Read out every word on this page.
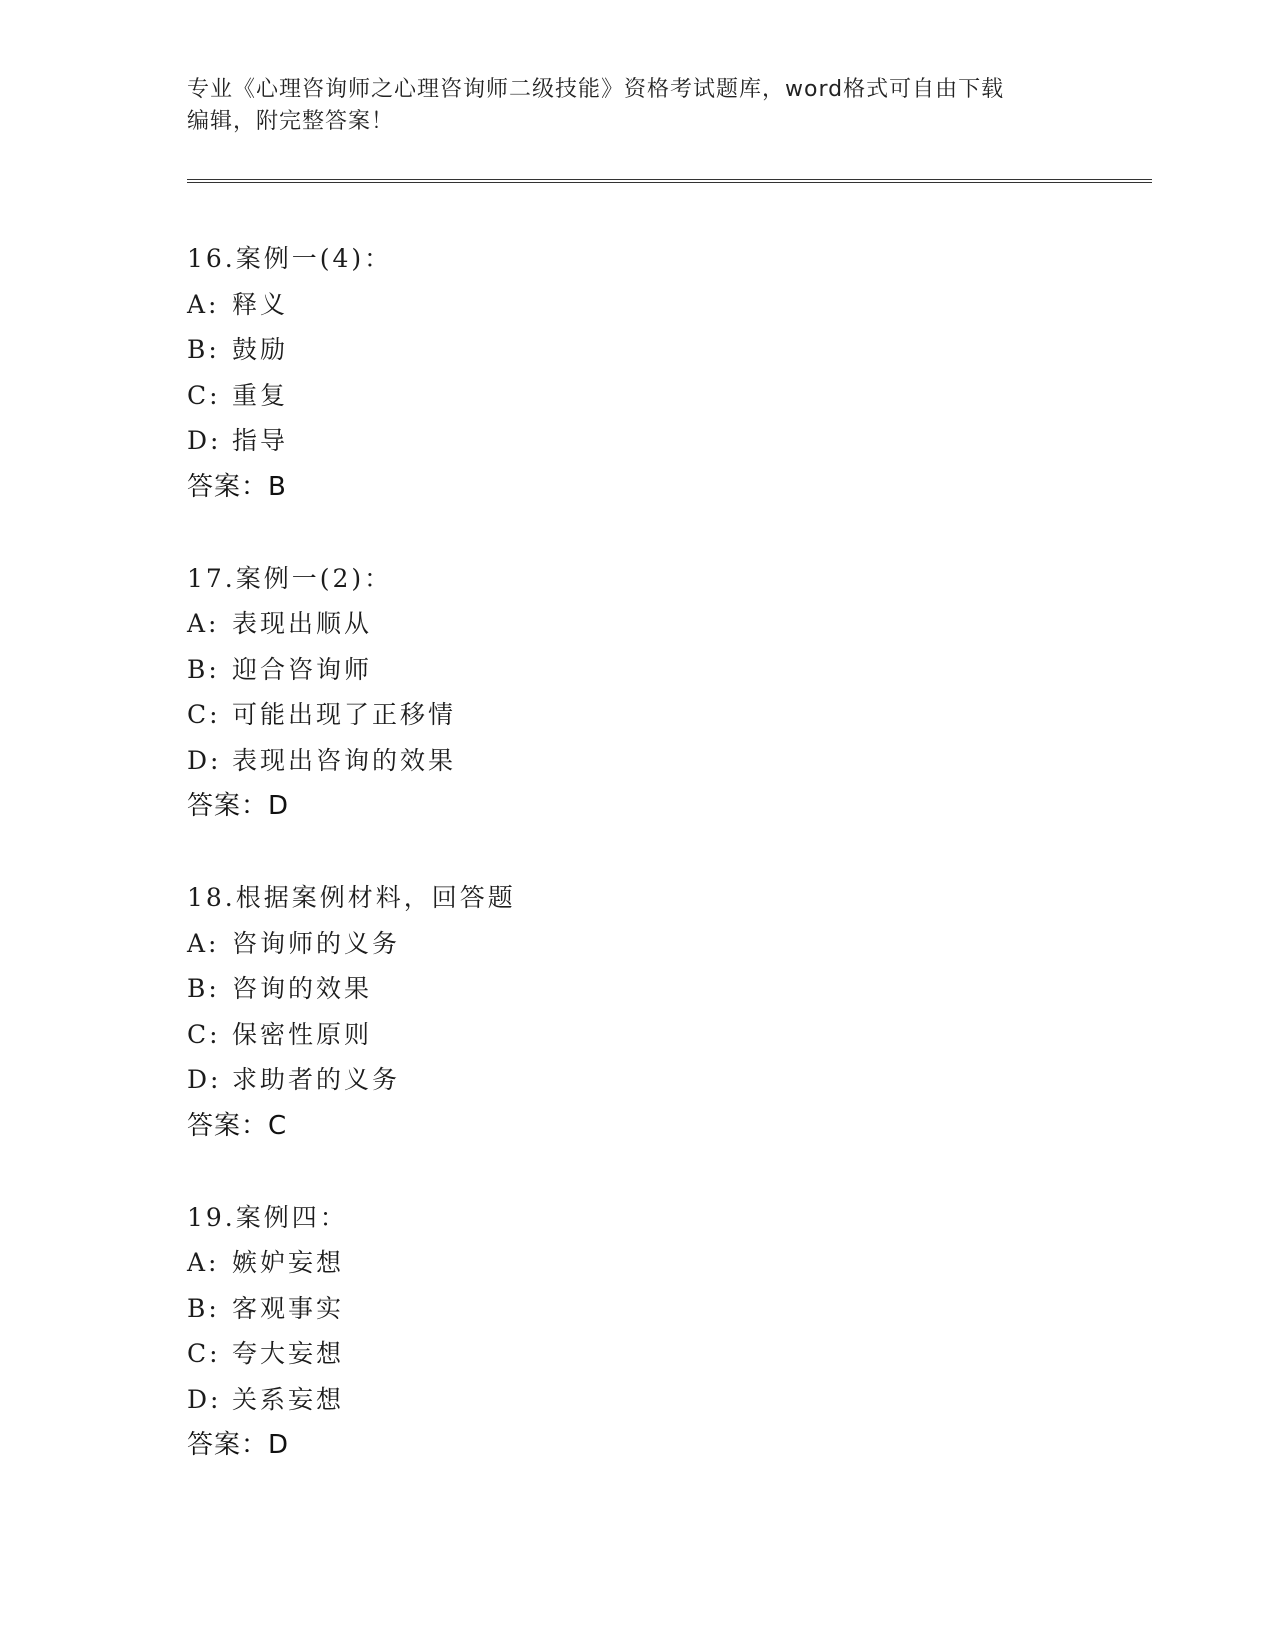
专业《心理咨询师之心理咨询师二级技能》资格考试题库，word格式可自由下载
编辑，附完整答案！
16.案例一(4)：
A: 释义
B: 鼓励
C: 重复
D: 指导
答案：B
17.案例一(2)：
A: 表现出顺从
B: 迎合咨询师
C: 可能出现了正移情
D: 表现出咨询的效果
答案：D
18.根据案例材料，回答题
A: 咨询师的义务
B: 咨询的效果
C: 保密性原则
D: 求助者的义务
答案：C
19.案例四：
A: 嫉妒妄想
B: 客观事实
C: 夸大妄想
D: 关系妄想
答案：D
